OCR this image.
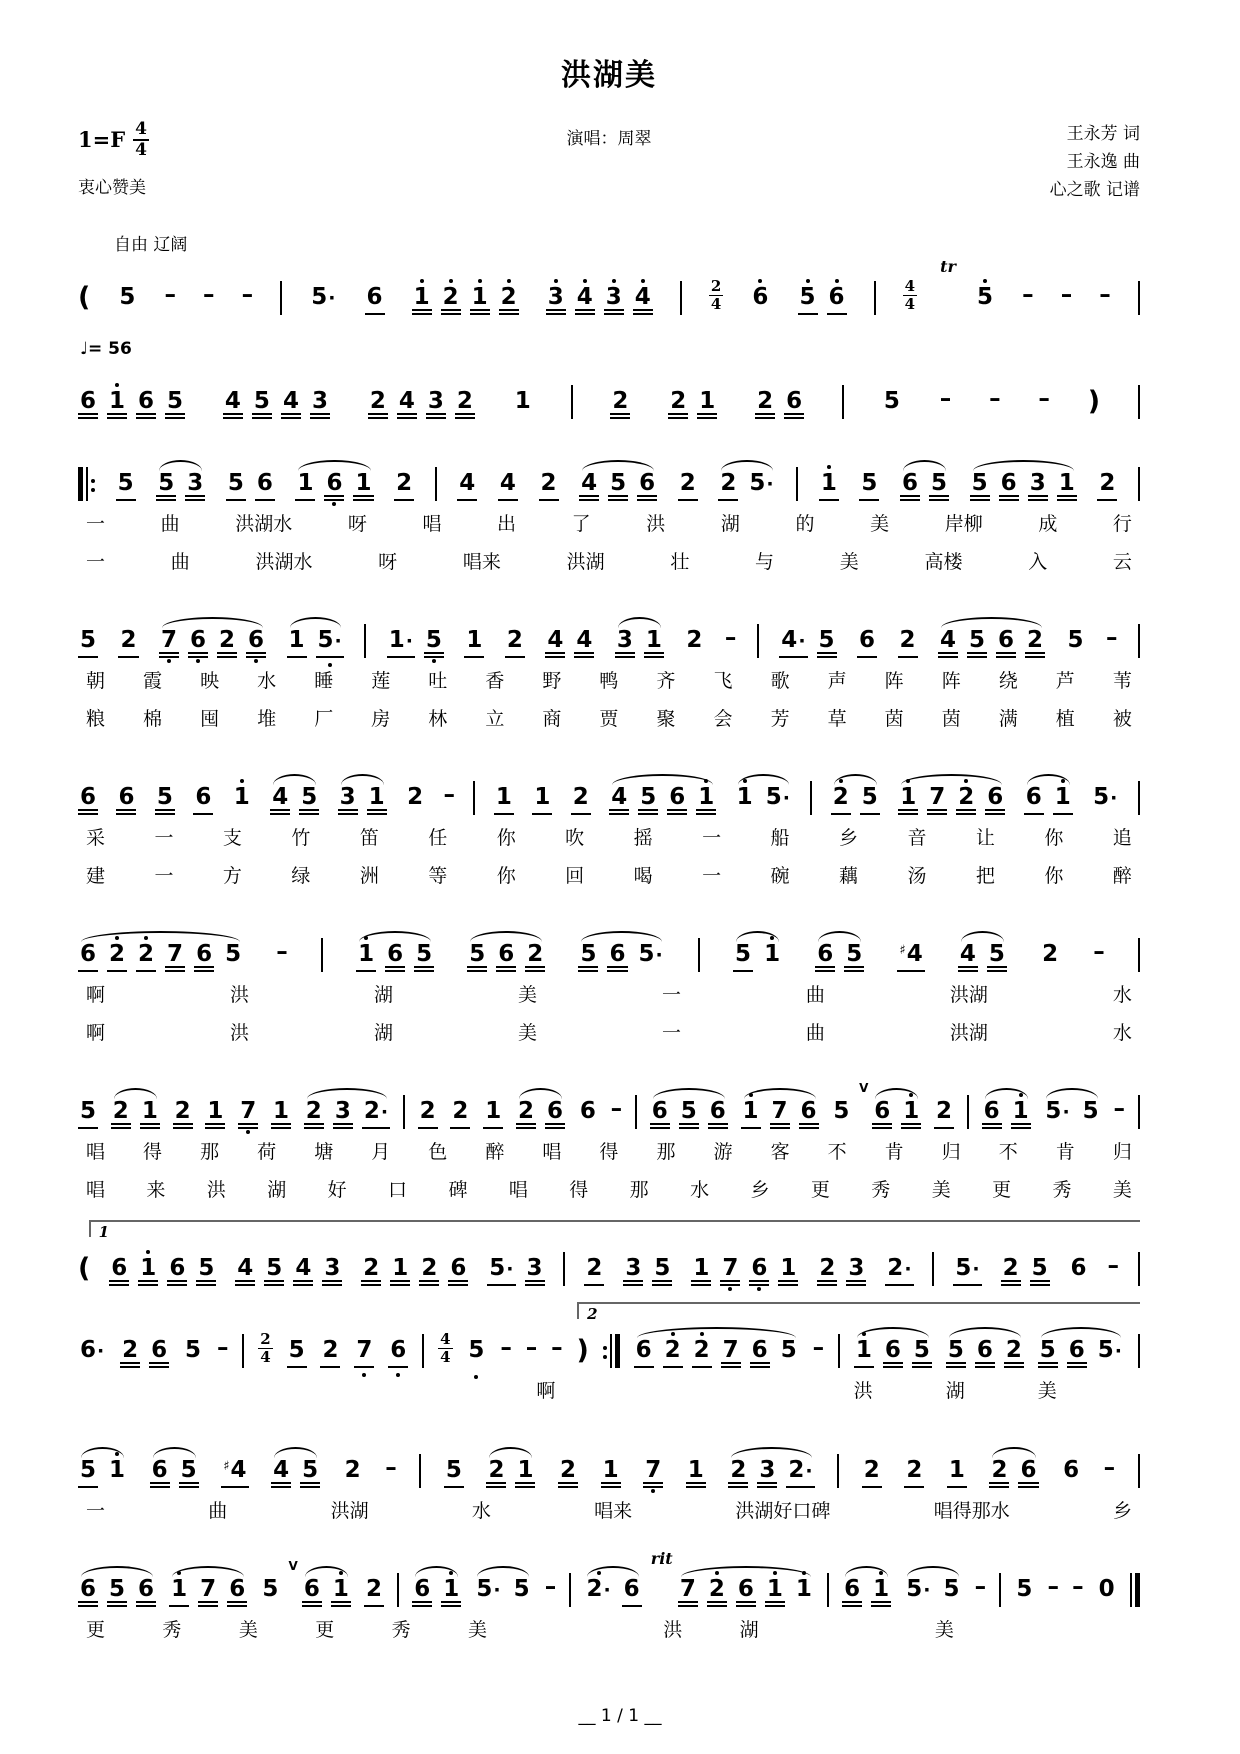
洪湖美
$1=F \frac{4}{4}$
衷心赞美
演唱：周翠	王永芳 词
王永逸 曲
心之歌 记谱
自由 辽阔
( 5 – – –	5· 6 1 2 1 2 3 4 3 4	$\frac{2}{4} 6$ 5 6	$\frac{4}{4}$
tr
5 – – –
♩= 56
6 1 6 5 4 5 4 3 2 4 3 2 1	2 2 1 2 6	5 – – – )
5 5 3 5 6 1 6 1 2 4 4 2 4 5 6 2 2 5· 1 5 6 5 5 6 3 1 2
一	曲	洪湖水	呀	唱	出	了	洪	湖	的	美	岸柳	成	行
一	曲	洪湖水	呀	唱来	洪湖	壮	与	美	高楼	入	云
5 2 7 6 2 6 1 5· 1· 5 1 2 4 4 3 1 2 – 4· 5 6 2 4 5 6 2 5 –
朝 霞 映 水 睡 莲 吐 香 野 鸭 齐 飞 歌 声 阵 阵 绕 芦 苇
粮 棉 囤 堆 厂 房 林 立 商 贾 聚 会 芳 草 茵 茵 满 植 被
6 6 5 6 1 4 5 3 1 2 – 1 1 2 4 5 6 1 1 5· 2 5 1 7 2 6 6 1 5·
采	一	支	竹	笛	任	你	吹	摇	一	船	乡	音	让	你	追
建	一	方	绿	洲	等	你	回	喝	一	碗	藕	汤	把	你	醉
6 2 2 7 6 5 –	1 6 5 5 6 2 5 6 5·	5 1 6 5	♯4 4 5 2 –
啊	洪	湖	美	一	曲	洪湖	水
啊	洪	湖	美	一	曲	洪湖	水
5 2 1 2 1 7 1 2 3 2· 2 2 1 2 6 6 – 6 5 6 1 7 6 5
V
6 1 2 6 1 5· 5 –
唱 得 那 荷 塘 月 色 醉 唱 得 那 游 客 不 肯 归 不 肯 归
唱 来 洪 湖 好 口 碑 唱 得 那 水 乡 更 秀 美 更 秀 美
1
( 6 1 6 5 4 5 4 3 2 1 2 6 5· 3 2 3 5 1 7 6 1 2 3 2· 5· 2 5 6 –
2
6· 2 6 $5 - \frac{2}{4} 5$ 2 7 $6 \frac{4}{4} 5$ – – – ) 6 2 2 7 6 5 – 1 6 5 5 6 2 5 6 5·
啊	洪	湖	美
5 1 6 5 ♯4 4 5 2 – 5 2 1 2 1 7 1 2 3 2· 2 2 1 2 6 6 –
一	曲	洪湖	水	唱来	洪湖好口碑	唱得那水	乡
6 5 6 1 7 6 5
V
6 1 2 6 1 5· 5 – 2· 6
rit
7 2 6 1 1 6 1 5· 5 – 5 – – 0
更	秀	美	更	秀	美	洪	湖	美
__ 1 / 1 __
